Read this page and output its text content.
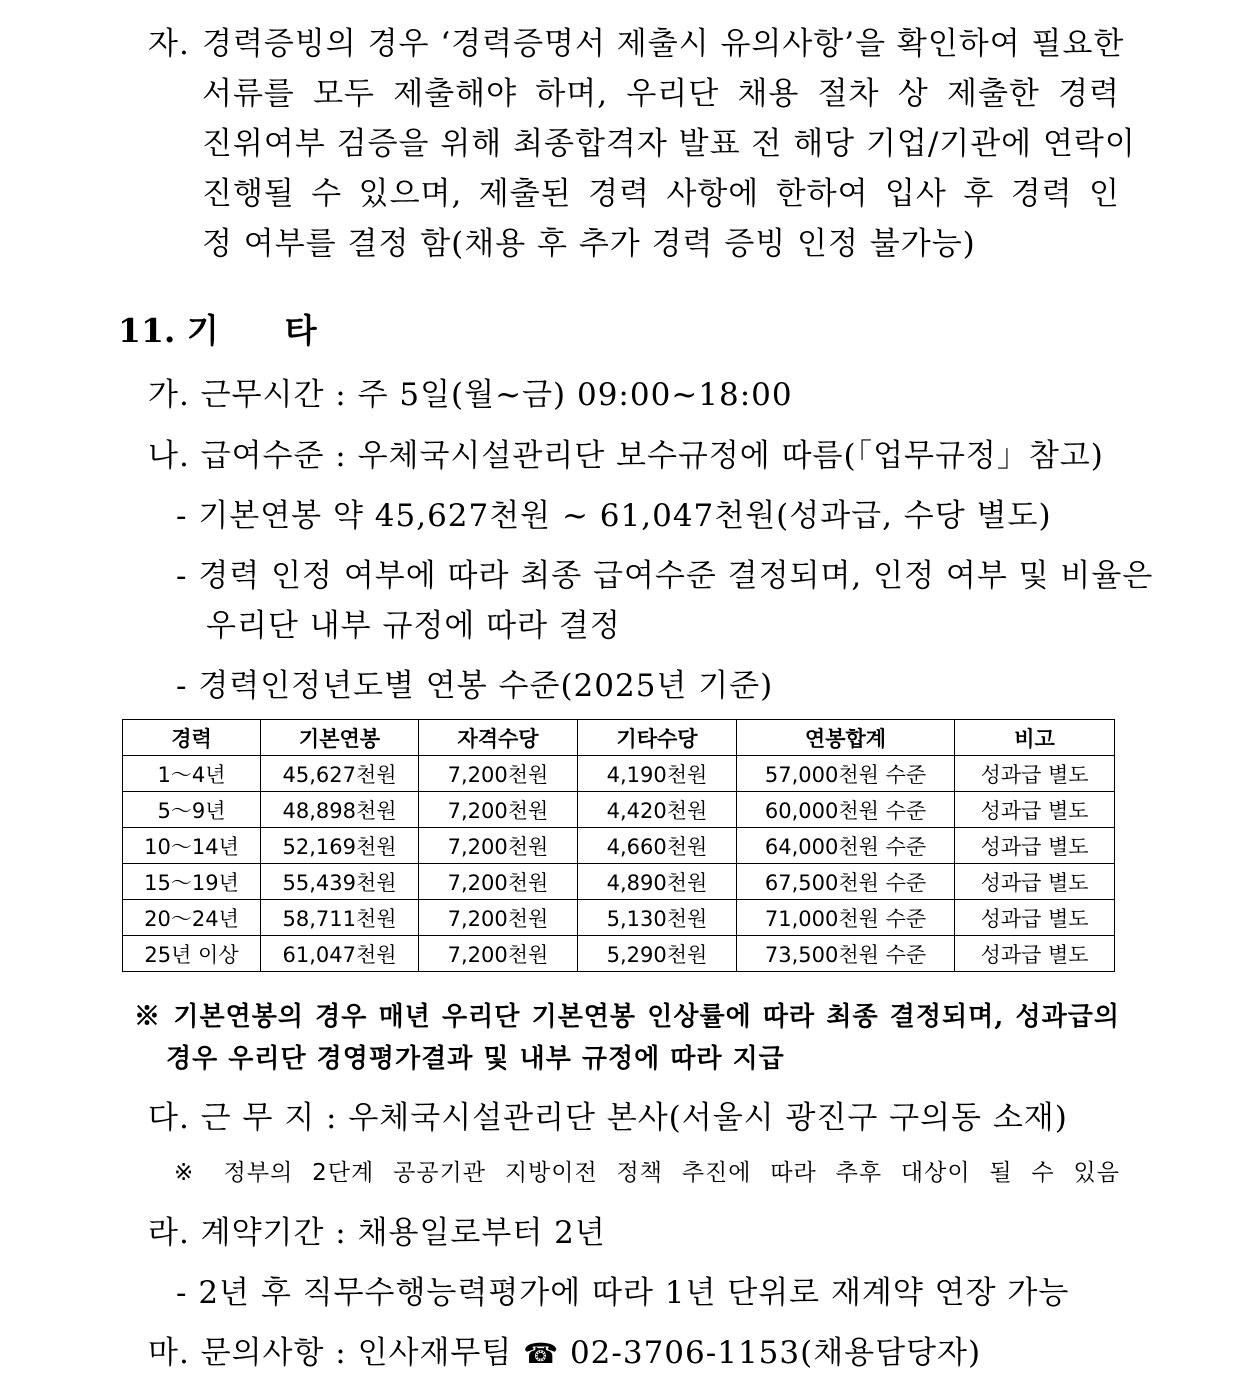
자. 경력증빙의 경우 ‘경력증명서 제출시 유의사항’을 확인하여 필요한
서류를 모두 제출해야 하며, 우리단 채용 절차 상 제출한 경력
진위여부 검증을 위해 최종합격자 발표 전 해당 기업/기관에 연락이
진행될 수 있으며, 제출된 경력 사항에 한하여 입사 후 경력 인
정 여부를 결정 함(채용 후 추가 경력 증빙 인정 불가능)
11. 기　　타
가. 근무시간 : 주 5일(월~금) 09:00~18:00
나. 급여수준 : 우체국시설관리단 보수규정에 따름(「업무규정」참고)
- 기본연봉 약 45,627천원 ~ 61,047천원(성과급, 수당 별도)
- 경력 인정 여부에 따라 최종 급여수준 결정되며, 인정 여부 및 비율은
우리단 내부 규정에 따라 결정
- 경력인정년도별 연봉 수준(2025년 기준)
경력	기본연봉	자격수당	기타수당	연봉합계	비고
1～4년	45,627천원	7,200천원	4,190천원	57,000천원 수준	성과급 별도
5～9년	48,898천원	7,200천원	4,420천원	60,000천원 수준	성과급 별도
10～14년	52,169천원	7,200천원	4,660천원	64,000천원 수준	성과급 별도
15～19년	55,439천원	7,200천원	4,890천원	67,500천원 수준	성과급 별도
20～24년	58,711천원	7,200천원	5,130천원	71,000천원 수준	성과급 별도
25년 이상	61,047천원	7,200천원	5,290천원	73,500천원 수준	성과급 별도
※ 기본연봉의 경우 매년 우리단 기본연봉 인상률에 따라 최종 결정되며, 성과급의
경우 우리단 경영평가결과 및 내부 규정에 따라 지급
다. 근 무 지 : 우체국시설관리단 본사(서울시 광진구 구의동 소재)
※ 정부의 2단계 공공기관 지방이전 정책 추진에 따라 추후 대상이 될 수 있음
라. 계약기간 : 채용일로부터 2년
- 2년 후 직무수행능력평가에 따라 1년 단위로 재계약 연장 가능
마. 문의사항 : 인사재무팀 ☎ 02-3706-1153(채용담당자)
